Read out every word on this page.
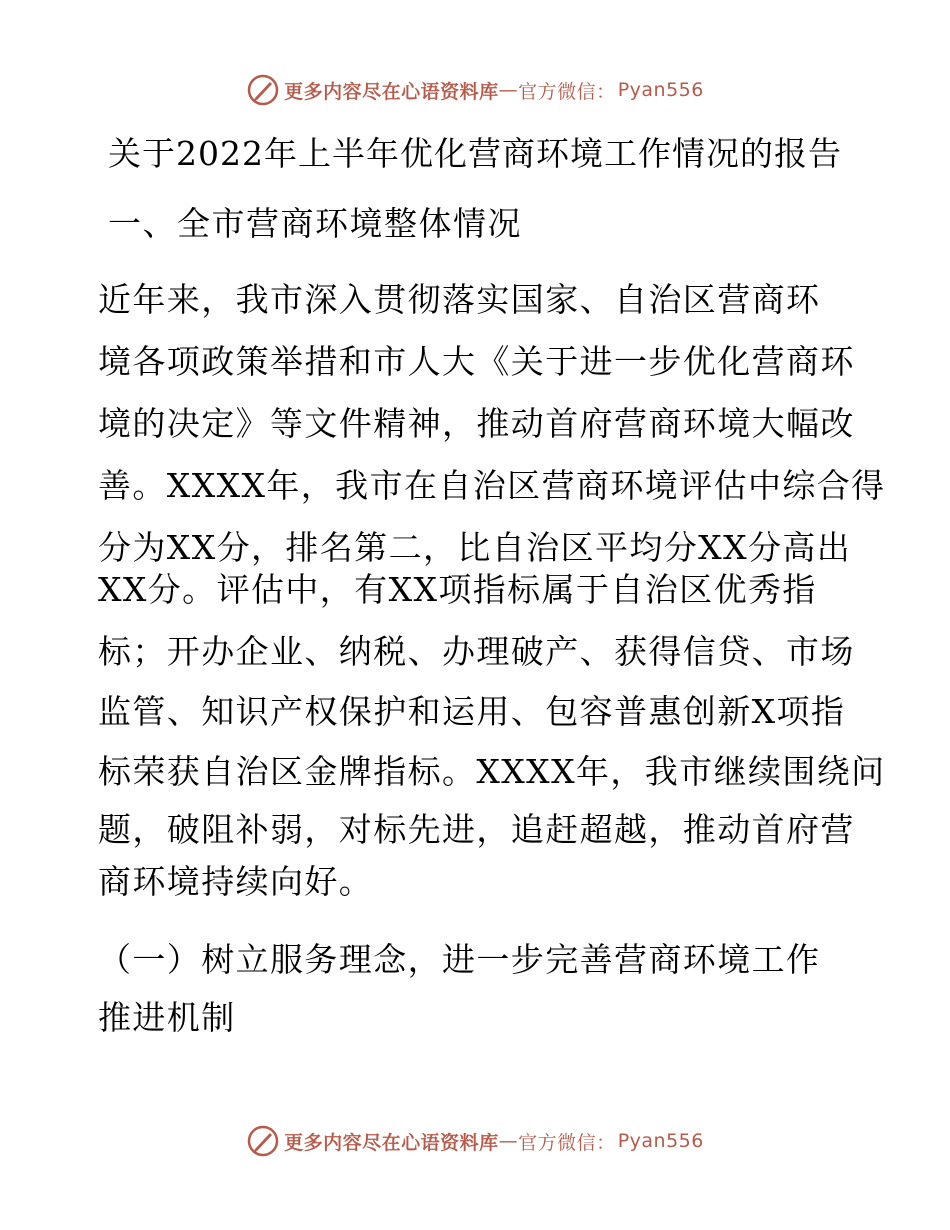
更多内容尽在心语资料库 — 官方微信： Pyan556
关于2022年上半年优化营商环境工作情况的报告
一、全市营商环境整体情况
近年来，我市深入贯彻落实国家、自治区营商环
境各项政策举措和市人大《关于进一步优化营商环
境的决定》等文件精神，推动首府营商环境大幅改
善。XXXX年，我市在自治区营商环境评估中综合得
分为XX分，排名第二，比自治区平均分XX分高出
XX分。评估中，有XX项指标属于自治区优秀指
标；开办企业、纳税、办理破产、获得信贷、市场
监管、知识产权保护和运用、包容普惠创新X项指
标荣获自治区金牌指标。XXXX年，我市继续围绕问
题，破阻补弱，对标先进，追赶超越，推动首府营
商环境持续向好。
（一）树立服务理念，进一步完善营商环境工作
推进机制
更多内容尽在心语资料库 — 官方微信： Pyan556
